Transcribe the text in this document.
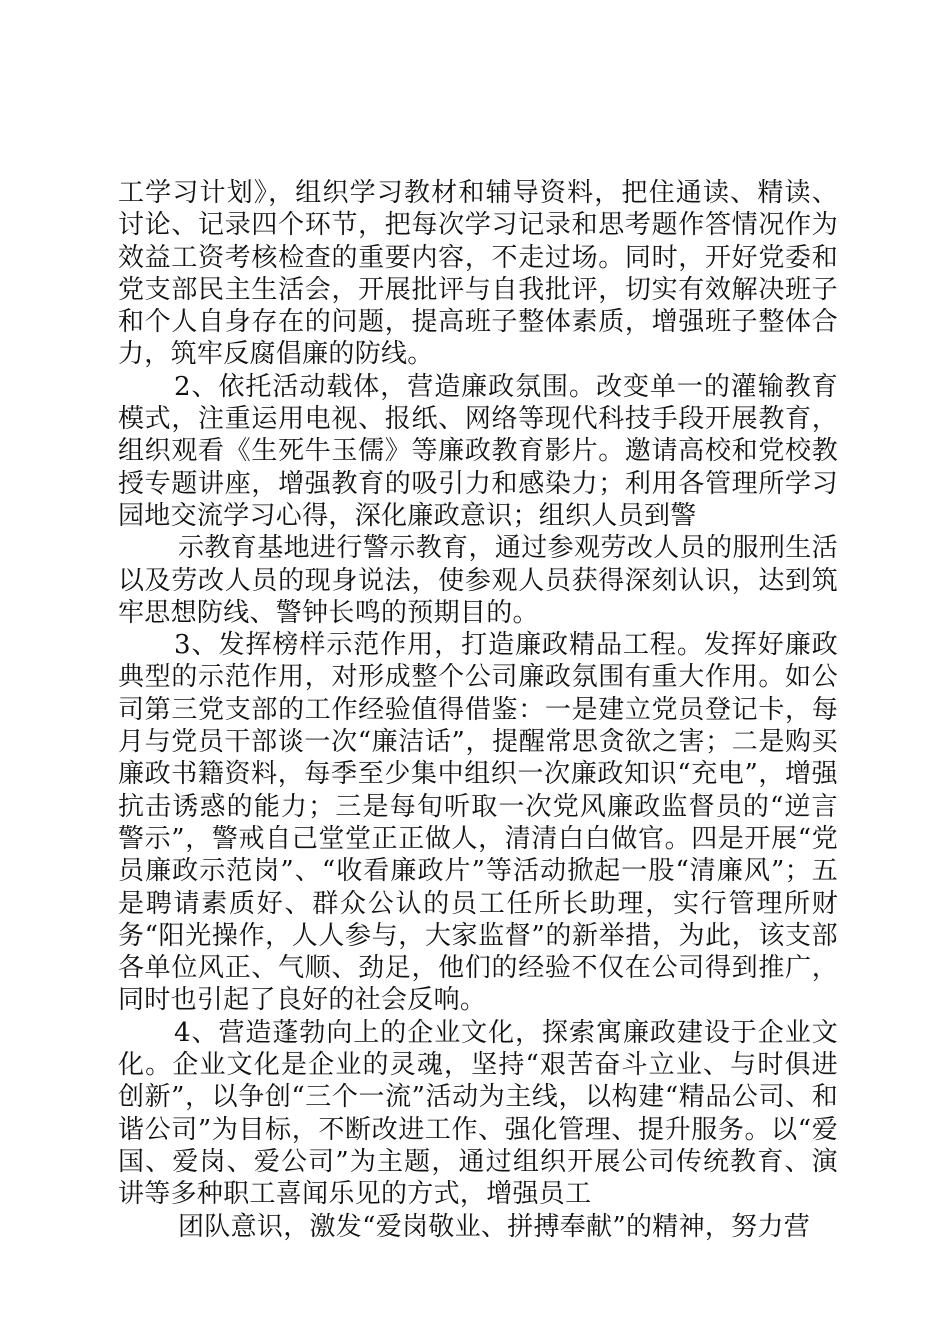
工学习计划》，组织学习教材和辅导资料，把住通读、精读、讨论、记录四个环节，把每次学习记录和思考题作答情况作为效益工资考核检查的重要内容，不走过场。同时，开好党委和党支部民主生活会，开展批评与自我批评，切实有效解决班子和个人自身存在的问题，提高班子整体素质，增强班子整体合力，筑牢反腐倡廉的防线。

2、依托活动载体，营造廉政氛围。改变单一的灌输教育模式，注重运用电视、报纸、网络等现代科技手段开展教育，组织观看《生死牛玉儒》等廉政教育影片。邀请高校和党校教授专题讲座，增强教育的吸引力和感染力；利用各管理所学习园地交流学习心得，深化廉政意识；组织人员到警

示教育基地进行警示教育，通过参观劳改人员的服刑生活以及劳改人员的现身说法，使参观人员获得深刻认识，达到筑牢思想防线、警钟长鸣的预期目的。

3、发挥榜样示范作用，打造廉政精品工程。发挥好廉政典型的示范作用，对形成整个公司廉政氛围有重大作用。如公司第三党支部的工作经验值得借鉴：一是建立党员登记卡，每月与党员干部谈一次“廉洁话”，提醒常思贪欲之害；二是购买廉政书籍资料，每季至少集中组织一次廉政知识“充电”，增强抗击诱惑的能力；三是每旬听取一次党风廉政监督员的“逆言警示”，警戒自己堂堂正正做人，清清白白做官。四是开展“党员廉政示范岗”、“收看廉政片”等活动掀起一股“清廉风”；五是聘请素质好、群众公认的员工任所长助理，实行管理所财务“阳光操作，人人参与，大家监督”的新举措，为此，该支部各单位风正、气顺、劲足，他们的经验不仅在公司得到推广，同时也引起了良好的社会反响。

4、营造蓬勃向上的企业文化，探索寓廉政建设于企业文化。企业文化是企业的灵魂，坚持“艰苦奋斗立业、与时俱进创新”，以争创“三个一流”活动为主线，以构建“精品公司、和谐公司”为目标，不断改进工作、强化管理、提升服务。以“爱国、爱岗、爱公司”为主题，通过组织开展公司传统教育、演讲等多种职工喜闻乐见的方式，增强员工

团队意识，激发“爱岗敬业、拼搏奉献”的精神，努力营
